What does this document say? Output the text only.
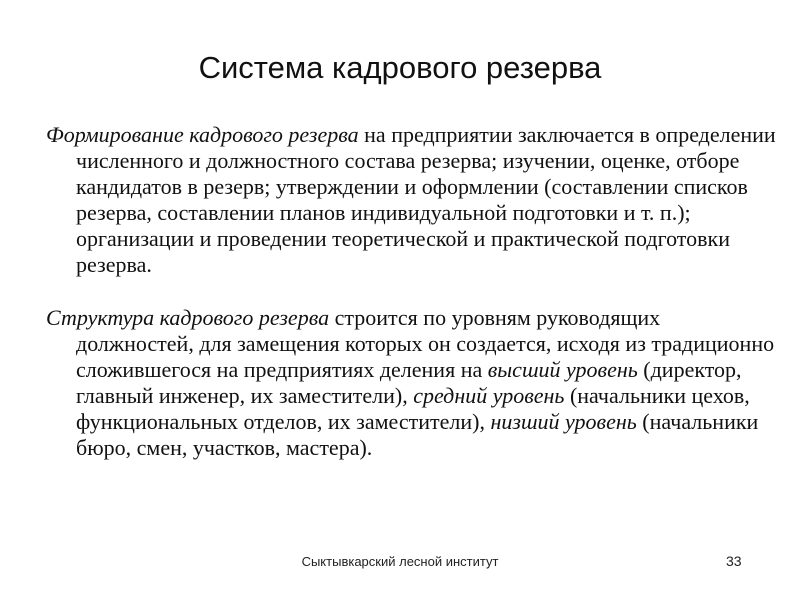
Система кадрового резерва

Формирование кадрового резерва на предприятии заключается в определении численного и должностного состава резерва; изучении, оценке, отборе кандидатов в резерв; утверждении и оформлении (составлении списков резерва, составлении планов индивидуальной подготовки и т. п.); организации и проведении теоретической и практической подготовки резерва.

Структура кадрового резерва строится по уровням руководящих должностей, для замещения которых он создается, исходя из традиционно сложившегося на предприятиях деления на высший уровень (директор, главный инженер, их заместители), средний уровень (начальники цехов, функциональных отделов, их заместители), низший уровень (начальники бюро, смен, участков, мастера).

Сыктывкарский лесной институт	33
